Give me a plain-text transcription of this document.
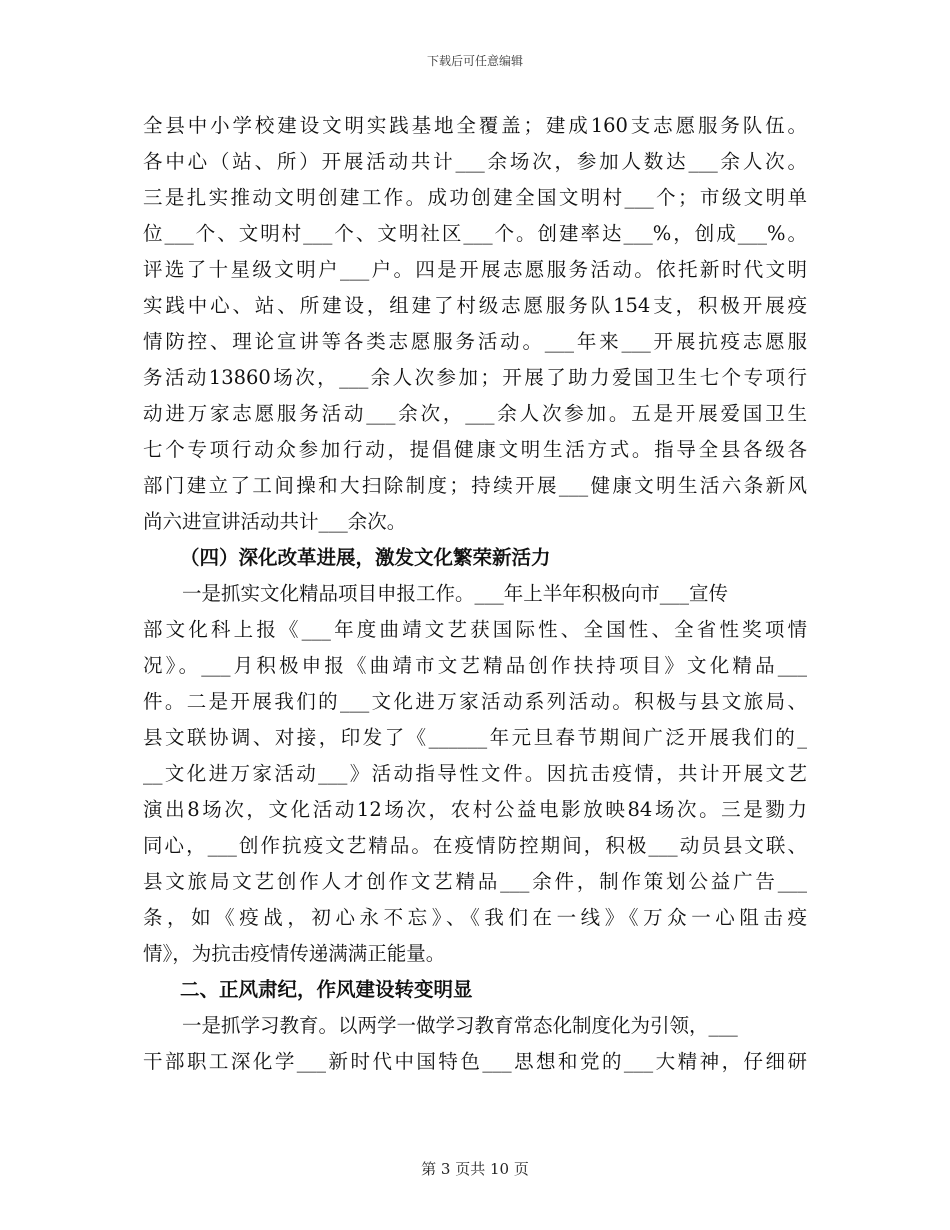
下载后可任意编辑
全县中小学校建设文明实践基地全覆盖；建成160支志愿服务队伍。
各中心（站、所）开展活动共计___余场次，参加人数达___余人次。
三是扎实推动文明创建工作。成功创建全国文明村___个；市级文明单
位___个、文明村___个、文明社区___个。创建率达___%，创成___%。
评选了十星级文明户___户。四是开展志愿服务活动。依托新时代文明
实践中心、站、所建设，组建了村级志愿服务队154支，积极开展疫
情防控、理论宣讲等各类志愿服务活动。___年来___开展抗疫志愿服
务活动13860场次，___余人次参加；开展了助力爱国卫生七个专项行
动进万家志愿服务活动___余次，___余人次参加。五是开展爱国卫生
七个专项行动众参加行动，提倡健康文明生活方式。指导全县各级各
部门建立了工间操和大扫除制度；持续开展___健康文明生活六条新风
尚六进宣讲活动共计___余次。
（四）深化改革进展，激发文化繁荣新活力
一是抓实文化精品项目申报工作。___年上半年积极向市___宣传
部文化科上报《___年度曲靖文艺获国际性、全国性、全省性奖项情
况》。___月积极申报《曲靖市文艺精品创作扶持项目》文化精品___
件。二是开展我们的___文化进万家活动系列活动。积极与县文旅局、
县文联协调、对接，印发了《______年元旦春节期间广泛开展我们的_
__文化进万家活动___》活动指导性文件。因抗击疫情，共计开展文艺
演出8场次，文化活动12场次，农村公益电影放映84场次。三是勠力
同心，___创作抗疫文艺精品。在疫情防控期间，积极___动员县文联、
县文旅局文艺创作人才创作文艺精品___余件，制作策划公益广告___
条，如《疫战，初心永不忘》、《我们在一线》《万众一心阻击疫
情》，为抗击疫情传递满满正能量。
二、正风肃纪，作风建设转变明显
一是抓学习教育。以两学一做学习教育常态化制度化为引领，___
干部职工深化学___新时代中国特色___思想和党的___大精神，仔细研
第 3 页共 10 页
